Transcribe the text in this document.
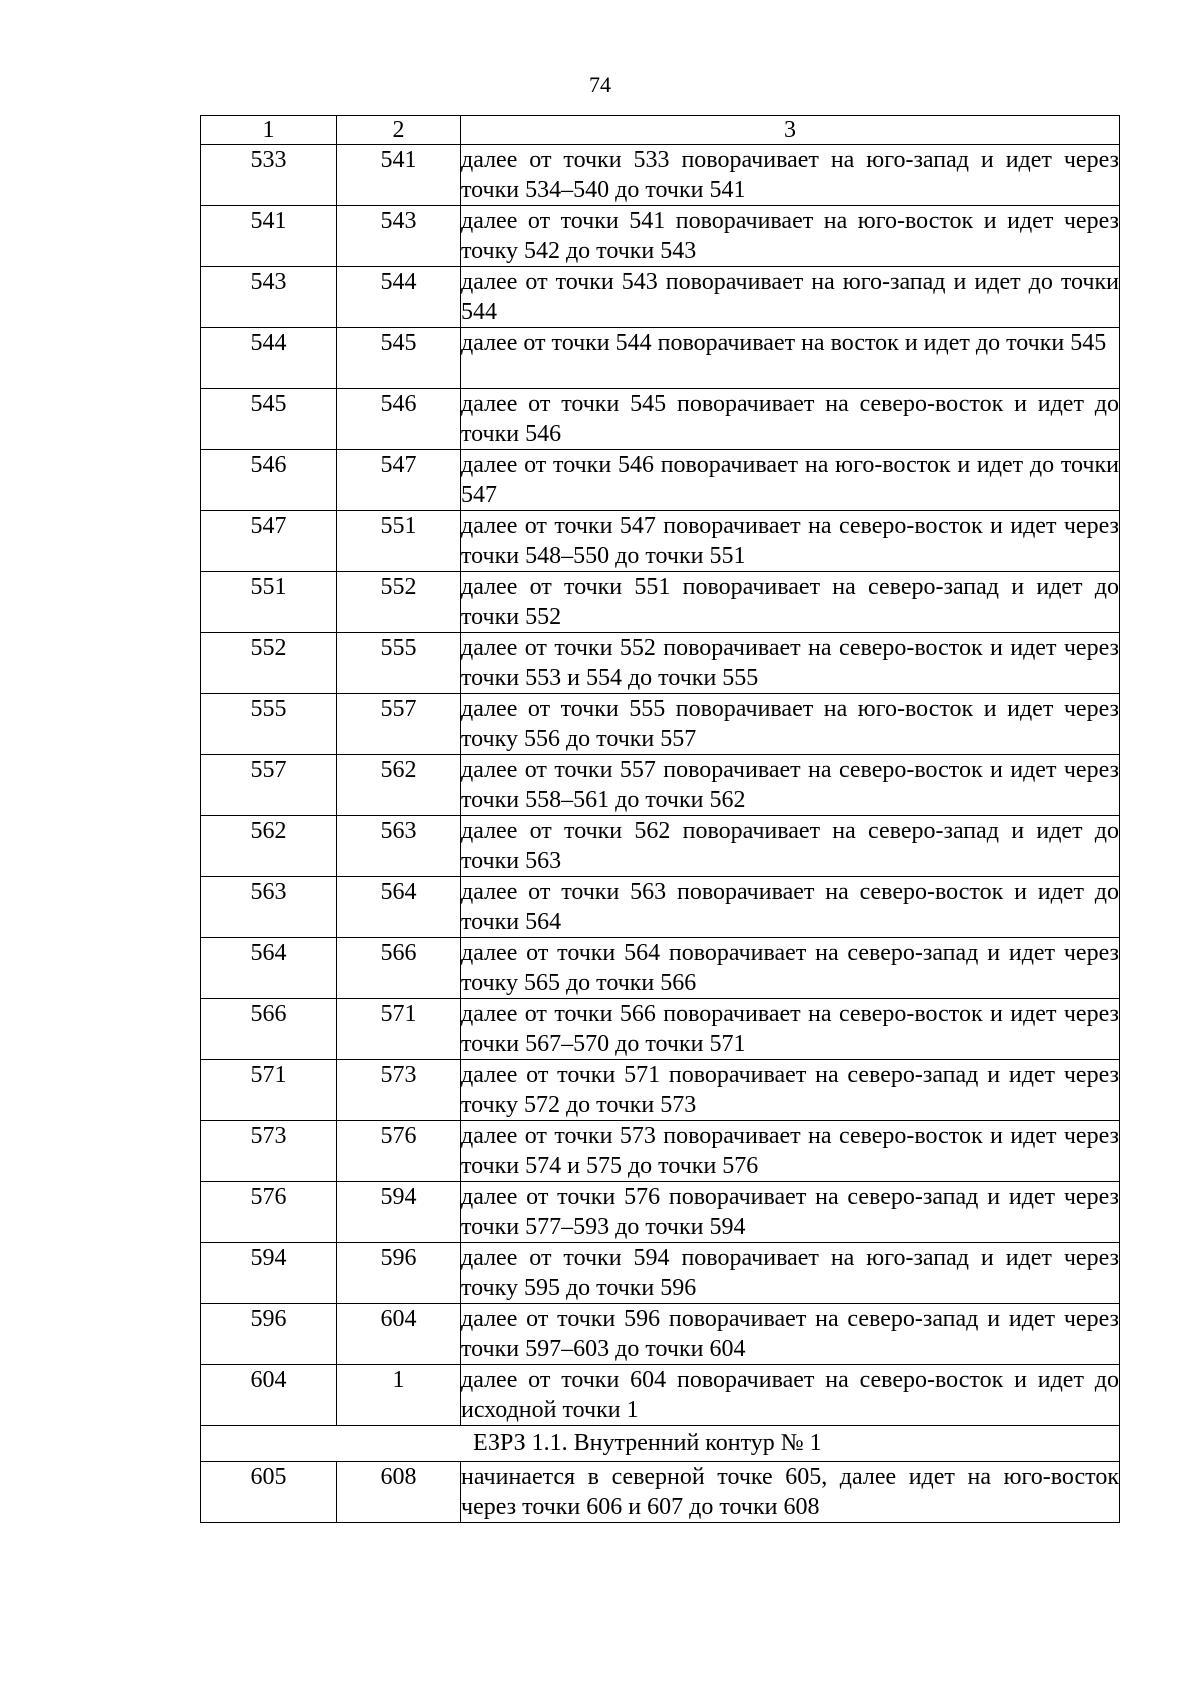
74
1	2	3
533	541	далее от точки 533 поворачивает на юго-запад и идет через точки 534–540 до точки 541
541	543	далее от точки 541 поворачивает на юго-восток и идет через точку 542 до точки 543
543	544	далее от точки 543 поворачивает на юго-запад и идет до точки 544
544	545	далее от точки 544 поворачивает на восток и идет до точки 545
545	546	далее от точки 545 поворачивает на северо-восток и идет до точки 546
546	547	далее от точки 546 поворачивает на юго-восток и идет до точки 547
547	551	далее от точки 547 поворачивает на северо-восток и идет через точки 548–550 до точки 551
551	552	далее от точки 551 поворачивает на северо-запад и идет до точки 552
552	555	далее от точки 552 поворачивает на северо-восток и идет через точки 553 и 554 до точки 555
555	557	далее от точки 555 поворачивает на юго-восток и идет через точку 556 до точки 557
557	562	далее от точки 557 поворачивает на северо-восток и идет через точки 558–561 до точки 562
562	563	далее от точки 562 поворачивает на северо-запад и идет до точки 563
563	564	далее от точки 563 поворачивает на северо-восток и идет до точки 564
564	566	далее от точки 564 поворачивает на северо-запад и идет через точку 565 до точки 566
566	571	далее от точки 566 поворачивает на северо-восток и идет через точки 567–570 до точки 571
571	573	далее от точки 571 поворачивает на северо-запад и идет через точку 572 до точки 573
573	576	далее от точки 573 поворачивает на северо-восток и идет через точки 574 и 575 до точки 576
576	594	далее от точки 576 поворачивает на северо-запад и идет через точки 577–593 до точки 594
594	596	далее от точки 594 поворачивает на юго-запад и идет через точку 595 до точки 596
596	604	далее от точки 596 поворачивает на северо-запад и идет через точки 597–603 до точки 604
604	1	далее от точки 604 поворачивает на северо-восток и идет до исходной точки 1
ЕЗРЗ 1.1. Внутренний контур № 1		
605	608	начинается в северной точке 605, далее идет на юго-восток через точки 606 и 607 до точки 608
